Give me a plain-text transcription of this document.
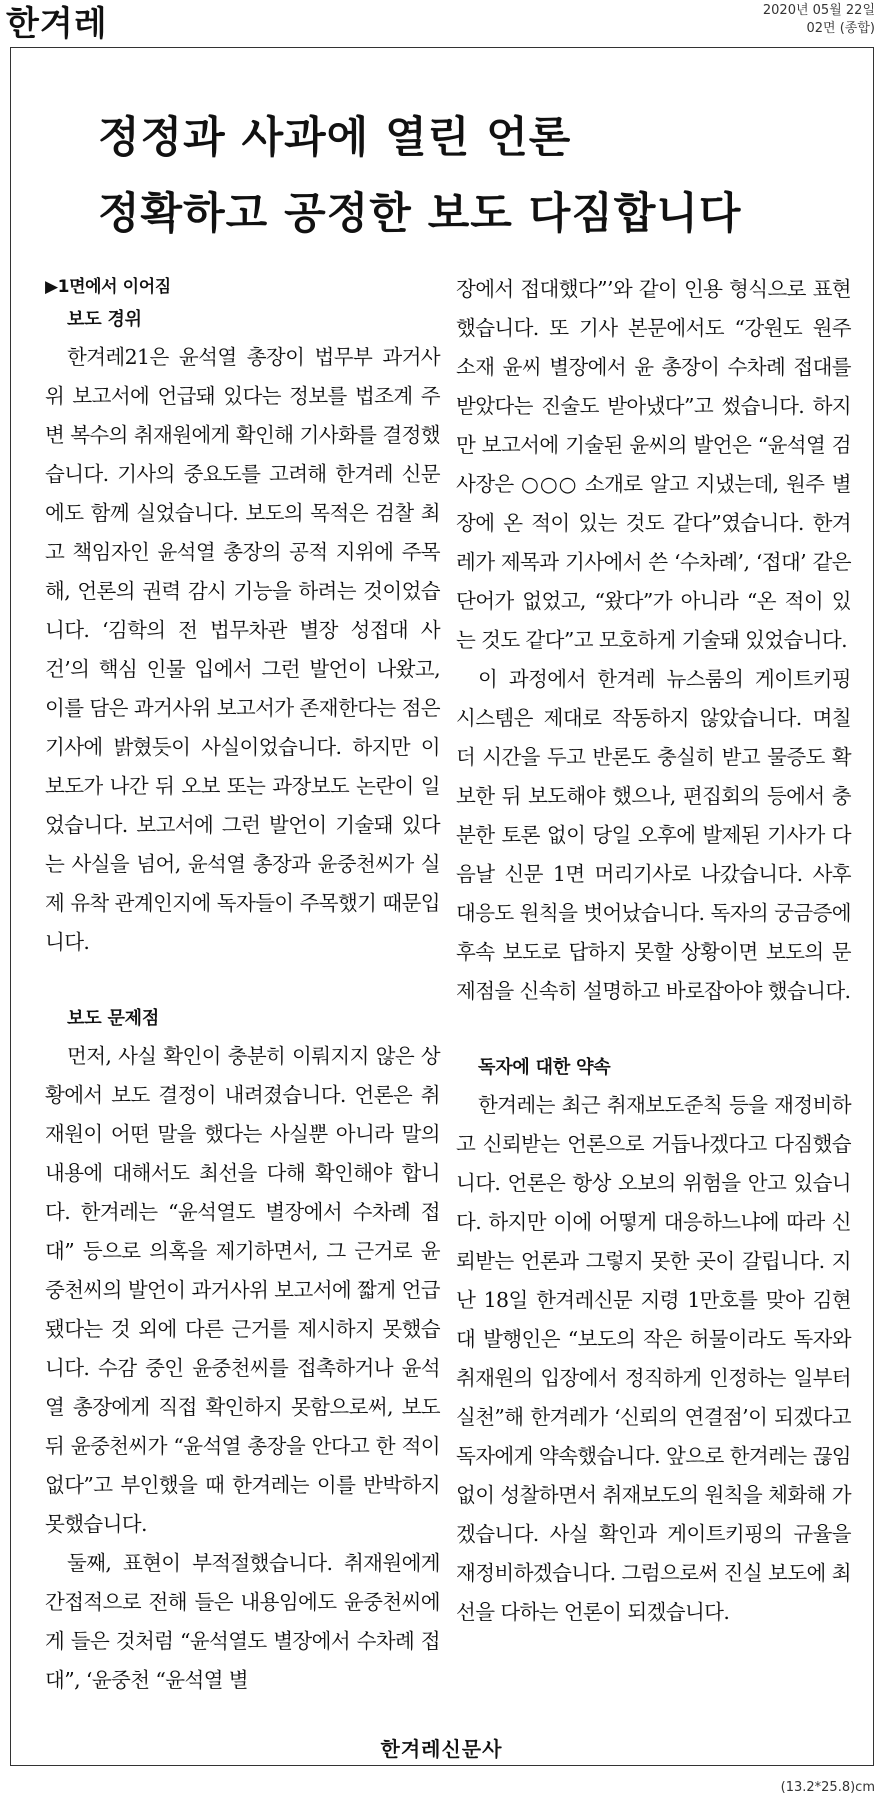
한겨레	2020년 05월 22일
02면 (종합)
정정과 사과에 열린 언론
정확하고 공정한 보도 다짐합니다
▶1면에서 이어짐
보도 경위

한겨레21은 윤석열 총장이 법무부 과거사위 보고서에 언급돼 있다는 정보를 법조계 주변 복수의 취재원에게 확인해 기사화를 결정했습니다. 기사의 중요도를 고려해 한겨레 신문에도 함께 실었습니다. 보도의 목적은 검찰 최고 책임자인 윤석열 총장의 공적 지위에 주목해, 언론의 권력 감시 기능을 하려는 것이었습니다. ‘김학의 전 법무차관 별장 성접대 사건’의 핵심 인물 입에서 그런 발언이 나왔고, 이를 담은 과거사위 보고서가 존재한다는 점은 기사에 밝혔듯이 사실이었습니다. 하지만 이 보도가 나간 뒤 오보 또는 과장보도 논란이 일었습니다. 보고서에 그런 발언이 기술돼 있다는 사실을 넘어, 윤석열 총장과 윤중천씨가 실제 유착 관계인지에 독자들이 주목했기 때문입니다.

보도 문제점

먼저, 사실 확인이 충분히 이뤄지지 않은 상황에서 보도 결정이 내려졌습니다. 언론은 취재원이 어떤 말을 했다는 사실뿐 아니라 말의 내용에 대해서도 최선을 다해 확인해야 합니다. 한겨레는 “윤석열도 별장에서 수차례 접대” 등으로 의혹을 제기하면서, 그 근거로 윤중천씨의 발언이 과거사위 보고서에 짧게 언급됐다는 것 외에 다른 근거를 제시하지 못했습니다. 수감 중인 윤중천씨를 접촉하거나 윤석열 총장에게 직접 확인하지 못함으로써, 보도 뒤 윤중천씨가 “윤석열 총장을 안다고 한 적이 없다”고 부인했을 때 한겨레는 이를 반박하지 못했습니다.

둘째, 표현이 부적절했습니다. 취재원에게 간접적으로 전해 들은 내용임에도 윤중천씨에게 들은 것처럼 “윤석열도 별장에서 수차례 접대”, ‘윤중천 “윤석열 별

장에서 접대했다”’와 같이 인용 형식으로 표현했습니다. 또 기사 본문에서도 “강원도 원주 소재 윤씨 별장에서 윤 총장이 수차례 접대를 받았다는 진술도 받아냈다”고 썼습니다. 하지만 보고서에 기술된 윤씨의 발언은 “윤석열 검사장은 ○○○ 소개로 알고 지냈는데, 원주 별장에 온 적이 있는 것도 같다”였습니다. 한겨레가 제목과 기사에서 쓴 ‘수차례’, ‘접대’ 같은 단어가 없었고, “왔다”가 아니라 “온 적이 있는 것도 같다”고 모호하게 기술돼 있었습니다.

이 과정에서 한겨레 뉴스룸의 게이트키핑 시스템은 제대로 작동하지 않았습니다. 며칠 더 시간을 두고 반론도 충실히 받고 물증도 확보한 뒤 보도해야 했으나, 편집회의 등에서 충분한 토론 없이 당일 오후에 발제된 기사가 다음날 신문 1면 머리기사로 나갔습니다. 사후 대응도 원칙을 벗어났습니다. 독자의 궁금증에 후속 보도로 답하지 못할 상황이면 보도의 문제점을 신속히 설명하고 바로잡아야 했습니다.

독자에 대한 약속

한겨레는 최근 취재보도준칙 등을 재정비하고 신뢰받는 언론으로 거듭나겠다고 다짐했습니다. 언론은 항상 오보의 위험을 안고 있습니다. 하지만 이에 어떻게 대응하느냐에 따라 신뢰받는 언론과 그렇지 못한 곳이 갈립니다. 지난 18일 한겨레신문 지령 1만호를 맞아 김현대 발행인은 “보도의 작은 허물이라도 독자와 취재원의 입장에서 정직하게 인정하는 일부터 실천”해 한겨레가 ‘신뢰의 연결점’이 되겠다고 독자에게 약속했습니다. 앞으로 한겨레는 끊임없이 성찰하면서 취재보도의 원칙을 체화해 가겠습니다. 사실 확인과 게이트키핑의 규율을 재정비하겠습니다. 그럼으로써 진실 보도에 최선을 다하는 언론이 되겠습니다.

한겨레신문사
(13.2*25.8)cm
